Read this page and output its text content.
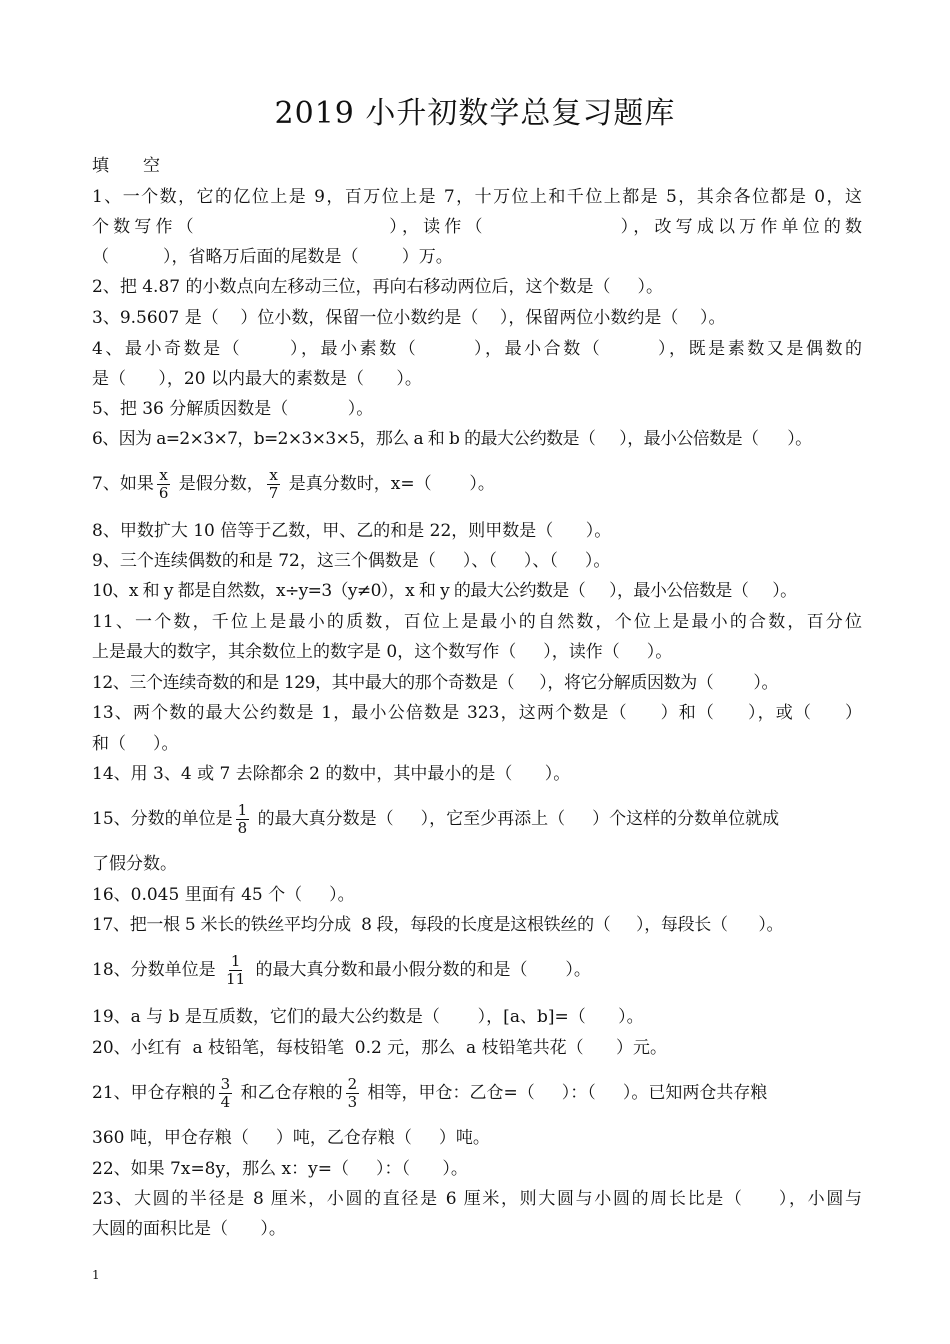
2019 小升初数学总复习题库
填　　空
1、一个数，它的亿位上是 9，百万位上是 7，十万位上和千位上都是 5，其余各位都是 0，这
个数写作（                    ），读作（              ），改写成以万作单位的数
（          ），省略万后面的尾数是（        ）万。
2、把 4.87 的小数点向左移动三位，再向右移动两位后，这个数是（     ）。
3、9.5607 是（    ）位小数，保留一位小数约是（    ），保留两位小数约是（    ）。
4、最小奇数是（      ），最小素数（       ），最小合数（       ），既是素数又是偶数的
是（      ），20 以内最大的素数是（      ）。
5、把 36 分解质因数是（           ）。
6、因为 a=2×3×7，b=2×3×3×5，那么 a 和 b 的最大公约数是（     ），最小公倍数是（      ）。
7、如果 $\frac{x}{6}$ 是假分数， $\frac{x}{7}$ 是真分数时，x=（       ）。
8、甲数扩大 10 倍等于乙数，甲、乙的和是 22，则甲数是（      ）。
9、三个连续偶数的和是 72，这三个偶数是（     ）、（     ）、（     ）。
10、x 和 y 都是自然数，x÷y=3（y≠0），x 和 y 的最大公约数是（     ），最小公倍数是（     ）。
11、一个数，千位上是最小的质数，百位上是最小的自然数，个位上是最小的合数，百分位
上是最大的数字，其余数位上的数字是 0，这个数写作（     ），读作（     ）。
12、三个连续奇数的和是 129，其中最大的那个奇数是（     ），将它分解质因数为（        ）。
13、两个数的最大公约数是 1，最小公倍数是 323，这两个数是（     ）和（     ），或（     ）
和（     ）。
14、用 3、4 或 7 去除都余 2 的数中，其中最小的是（      ）。
15、分数的单位是 $\frac{1}{8}$ 的最大真分数是（     ），它至少再添上（     ）个这样的分数单位就成
了假分数。
16、0.045 里面有 45 个（     ）。
17、把一根 5 米长的铁丝平均分成  8 段，每段的长度是这根铁丝的（     ），每段长（      ）。
18、分数单位是 $\frac{1}{11}$ 的最大真分数和最小假分数的和是（       ）。
19、a 与 b 是互质数，它们的最大公约数是（       ），[a、b]=（      ）。
20、小红有  a 枝铅笔，每枝铅笔  0.2 元，那么  a 枝铅笔共花（      ）元。
21、甲仓存粮的 $\frac{3}{4}$ 和乙仓存粮的 $\frac{2}{3}$ 相等，甲仓：乙仓=（     ）：（     ）。已知两仓共存粮
360 吨，甲仓存粮（     ）吨，乙仓存粮（     ）吨。
22、如果 7x=8y，那么 x：y=（     ）：（      ）。
23、大圆的半径是 8 厘米，小圆的直径是 6 厘米，则大圆与小圆的周长比是（     ），小圆与
大圆的面积比是（      ）。
1
